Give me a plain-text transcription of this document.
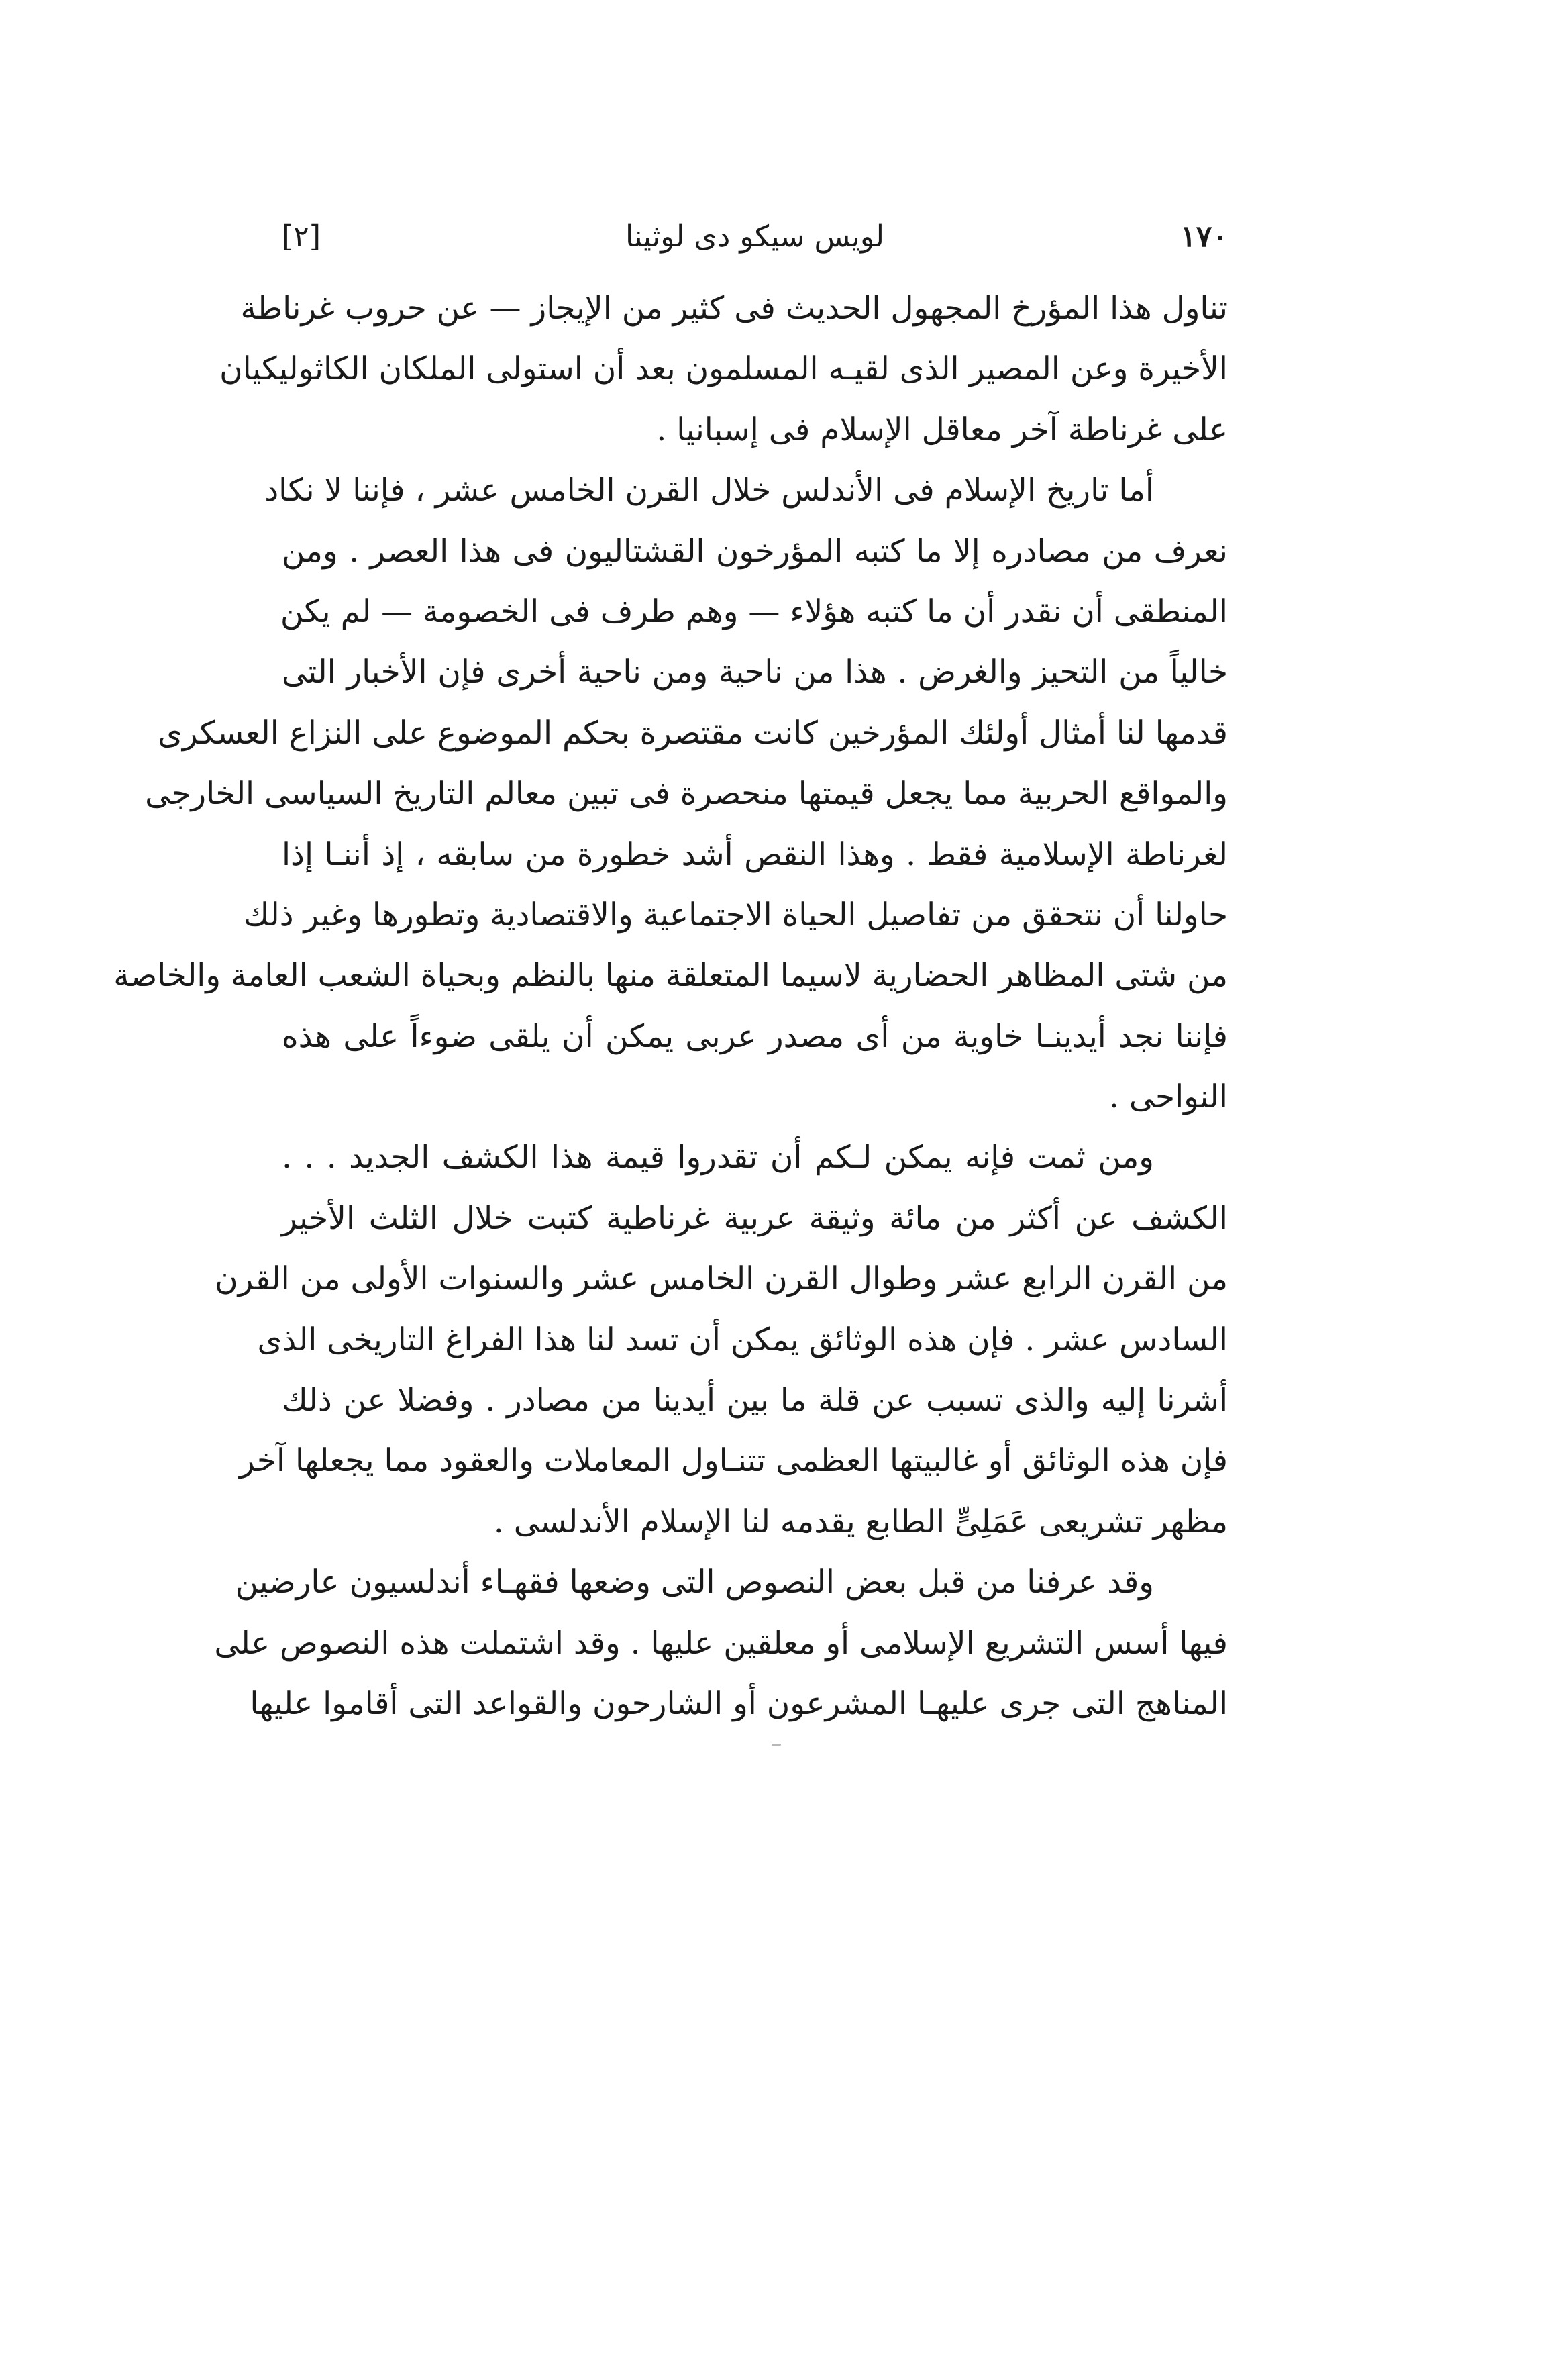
[٢]	لويس سيكو دى لوثينا	١٧٠
تناول هذا المؤرخ المجهول الحديث فى كثير من الإيجاز — عن حروب غرناطة
الأخيرة وعن المصير الذى لقيـه المسلمون بعد أن استولى الملكان الكاثوليكيان
على غرناطة آخر معاقل الإسلام فى إسبانيا .
أما تاريخ الإسلام فى الأندلس خلال القرن الخامس عشر ، فإننا لا نكاد
نعرف من مصادره إلا ما كتبه المؤرخون القشتاليون فى هذا العصر . ومن
المنطقى أن نقدر أن ما كتبه هؤلاء — وهم طرف فى الخصومة — لم يكن
خالياً من التحيز والغرض . هذا من ناحية ومن ناحية أخرى فإن الأخبار التى
قدمها لنا أمثال أولئك المؤرخين كانت مقتصرة بحكم الموضوع على النزاع العسكرى
والمواقع الحربية مما يجعل قيمتها منحصرة فى تبين معالم التاريخ السياسى الخارجى
لغرناطة الإسلامية فقط . وهذا النقص أشد خطورة من سابقه ، إذ أننـا إذا
حاولنا أن نتحقق من تفاصيل الحياة الاجتماعية والاقتصادية وتطورها وغير ذلك
من شتى المظاهر الحضارية لاسيما المتعلقة منها بالنظم وبحياة الشعب العامة والخاصة
فإننا نجد أيدينـا خاوية من أى مصدر عربى يمكن أن يلقى ضوءاً على هذه
النواحى .
ومن ثمت فإنه يمكن لـكم أن تقدروا قيمة هذا الكشف الجديد . . .
الكشف عن أكثر من مائة وثيقة عربية غرناطية كتبت خلال الثلث الأخير
من القرن الرابع عشر وطوال القرن الخامس عشر والسنوات الأولى من القرن
السادس عشر . فإن هذه الوثائق يمكن أن تسد لنا هذا الفراغ التاريخى الذى
أشرنا إليه والذى تسبب عن قلة ما بين أيدينا من مصادر . وفضلا عن ذلك
فإن هذه الوثائق أو غالبيتها العظمى تتنـاول المعاملات والعقود مما يجعلها آخر
مظهر تشريعى عَمَلِىٍّ الطابع يقدمه لنا الإسلام الأندلسى .
وقد عرفنا من قبل بعض النصوص التى وضعها فقهـاء أندلسيون عارضين
فيها أسس التشريع الإسلامى أو معلقين عليها . وقد اشتملت هذه النصوص على
المناهج التى جرى عليهـا المشرعون أو الشارحون والقواعد التى أقاموا عليها
